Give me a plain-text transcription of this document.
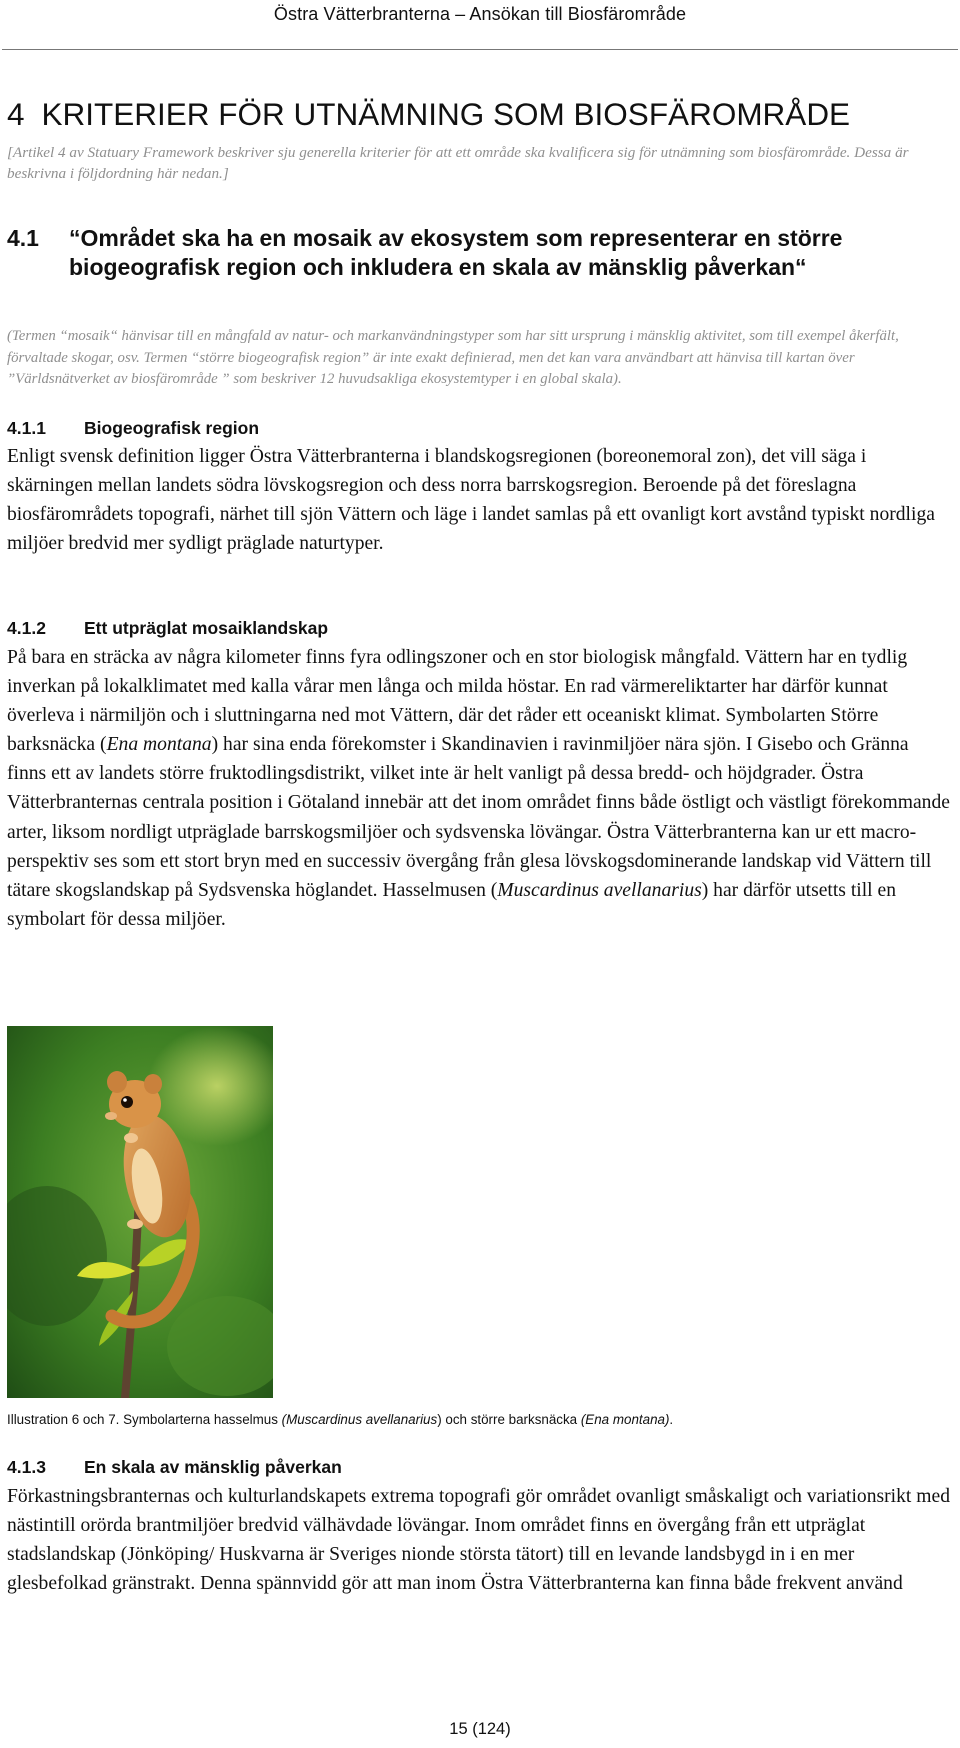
Östra Vätterbranterna – Ansökan till Biosfärområde
4 KRITERIER FÖR UTNÄMNING SOM BIOSFÄROMRÅDE

[Artikel 4 av Statuary Framework beskriver sju generella kriterier för att ett område ska kvalificera sig för utnämning som biosfärområde. Dessa är beskrivna i följdordning här nedan.]

4.1 “Området ska ha en mosaik av ekosystem som representerar en större biogeografisk region och inkludera en skala av mänsklig påverkan“

(Termen “mosaik“ hänvisar till en mångfald av natur- och markanvändningstyper som har sitt ursprung i mänsklig aktivitet, som till exempel åkerfält, förvaltade skogar, osv. Termen “större biogeografisk region” är inte exakt definierad, men det kan vara användbart att hänvisa till kartan över ”Världsnätverket av biosfärområde ” som beskriver 12 huvudsakliga ekosystemtyper i en global skala).

4.1.1 Biogeografisk region

Enligt svensk definition ligger Östra Vätterbranterna i blandskogsregionen (boreonemoral zon), det vill säga i skärningen mellan landets södra lövskogsregion och dess norra barrskogsregion. Beroende på det föreslagna biosfärområdets topografi, närhet till sjön Vättern och läge i landet samlas på ett ovanligt kort avstånd typiskt nordliga miljöer bredvid mer sydligt präglade naturtyper.

4.1.2 Ett utpräglat mosaiklandskap

På bara en sträcka av några kilometer finns fyra odlingszoner och en stor biologisk mångfald. Vättern har en tydlig inverkan på lokalklimatet med kalla vårar men långa och milda höstar. En rad värmereliktarter har därför kunnat överleva i närmiljön och i sluttningarna ned mot Vättern, där det råder ett oceaniskt klimat. Symbolarten Större barksnäcka (Ena montana) har sina enda förekomster i Skandinavien i ravinmiljöer nära sjön. I Gisebo och Gränna finns ett av landets större fruktodlingsdistrikt, vilket inte är helt vanligt på dessa bredd- och höjdgrader. Östra Vätterbranternas centrala position i Götaland innebär att det inom området finns både östligt och västligt förekommande arter, liksom nordligt utpräglade barrskogsmiljöer och sydsvenska lövängar. Östra Vätterbranterna kan ur ett macro-perspektiv ses som ett stort bryn med en successiv övergång från glesa lövskogsdominerande landskap vid Vättern till tätare skogslandskap på Sydsvenska höglandet. Hasselmusen (Muscardinus avellanarius) har därför utsetts till en symbolart för dessa miljöer.

4.1.3 En skala av mänsklig påverkan

Förkastningsbranternas och kulturlandskapets extrema topografi gör området ovanligt småskaligt och variationsrikt med nästintill orörda brantmiljöer bredvid välhävdade lövängar. Inom området finns en övergång från ett utpräglat stadslandskap (Jönköping/ Huskvarna är Sveriges nionde största tätort) till en levande landsbygd in i en mer glesbefolkad gränstrakt. Denna spännvidd gör att man inom Östra Vätterbranterna kan finna både frekvent använd

Illustration 6 och 7. Symbolarterna hasselmus (Muscardinus avellanarius) och större barksnäcka (Ena montana).

15 (124)
